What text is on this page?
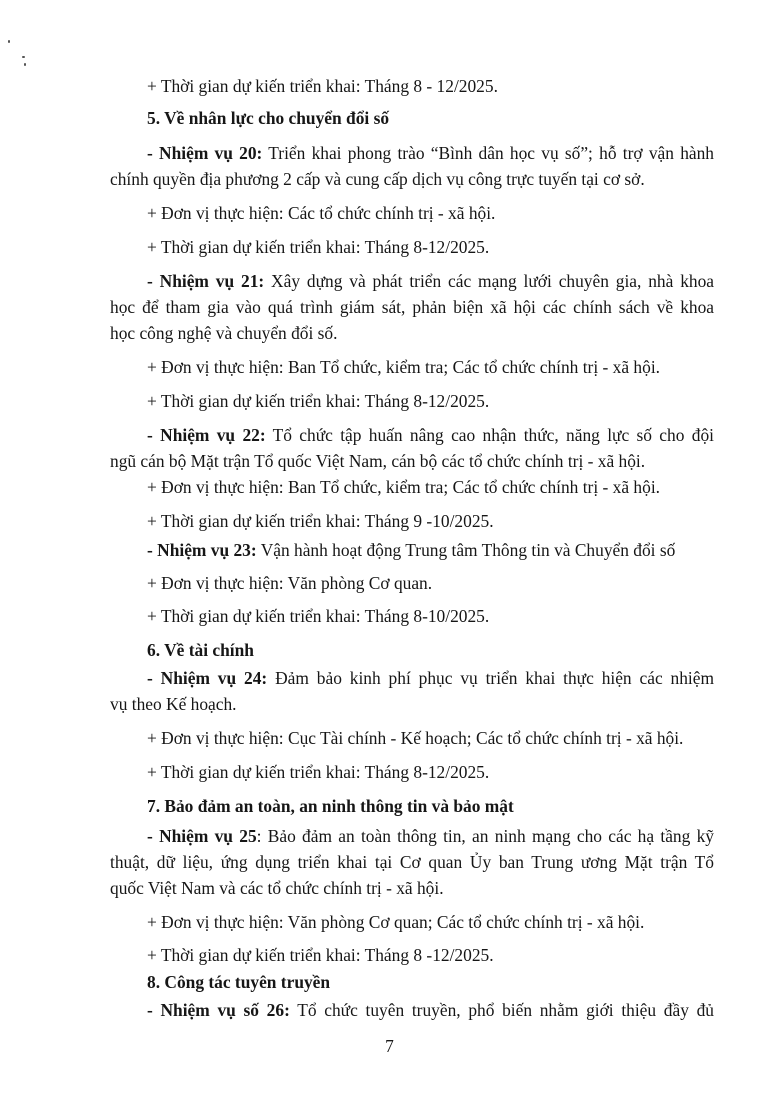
+ Thời gian dự kiến triển khai: Tháng 8 - 12/2025.
5. Về nhân lực cho chuyển đổi số
- Nhiệm vụ 20: Triển khai phong trào “Bình dân học vụ số”; hỗ trợ vận hành
chính quyền địa phương 2 cấp và cung cấp dịch vụ công trực tuyến tại cơ sở.
+ Đơn vị thực hiện: Các tổ chức chính trị - xã hội.
+ Thời gian dự kiến triển khai: Tháng 8-12/2025.
- Nhiệm vụ 21: Xây dựng và phát triển các mạng lưới chuyên gia, nhà khoa
học để tham gia vào quá trình giám sát, phản biện xã hội các chính sách về khoa
học công nghệ và chuyển đổi số.
+ Đơn vị thực hiện: Ban Tổ chức, kiểm tra; Các tổ chức chính trị - xã hội.
+ Thời gian dự kiến triển khai: Tháng 8-12/2025.
- Nhiệm vụ 22: Tổ chức tập huấn nâng cao nhận thức, năng lực số cho đội
ngũ cán bộ Mặt trận Tổ quốc Việt Nam, cán bộ các tổ chức chính trị - xã hội.
+ Đơn vị thực hiện: Ban Tổ chức, kiểm tra; Các tổ chức chính trị - xã hội.
+ Thời gian dự kiến triển khai: Tháng 9 -10/2025.
- Nhiệm vụ 23: Vận hành hoạt động Trung tâm Thông tin và Chuyển đổi số
+ Đơn vị thực hiện: Văn phòng Cơ quan.
+ Thời gian dự kiến triển khai: Tháng 8-10/2025.
6. Về tài chính
- Nhiệm vụ 24: Đảm bảo kinh phí phục vụ triển khai thực hiện các nhiệm
vụ theo Kế hoạch.
+ Đơn vị thực hiện: Cục Tài chính - Kế hoạch; Các tổ chức chính trị - xã hội.
+ Thời gian dự kiến triển khai: Tháng 8-12/2025.
7. Bảo đảm an toàn, an ninh thông tin và bảo mật
- Nhiệm vụ 25: Bảo đảm an toàn thông tin, an ninh mạng cho các hạ tầng kỹ
thuật, dữ liệu, ứng dụng triển khai tại Cơ quan Ủy ban Trung ương Mặt trận Tổ
quốc Việt Nam và các tổ chức chính trị - xã hội.
+ Đơn vị thực hiện: Văn phòng Cơ quan; Các tổ chức chính trị - xã hội.
+ Thời gian dự kiến triển khai: Tháng 8 -12/2025.
8. Công tác tuyên truyền
- Nhiệm vụ số 26: Tổ chức tuyên truyền, phổ biến nhằm giới thiệu đầy đủ
7
